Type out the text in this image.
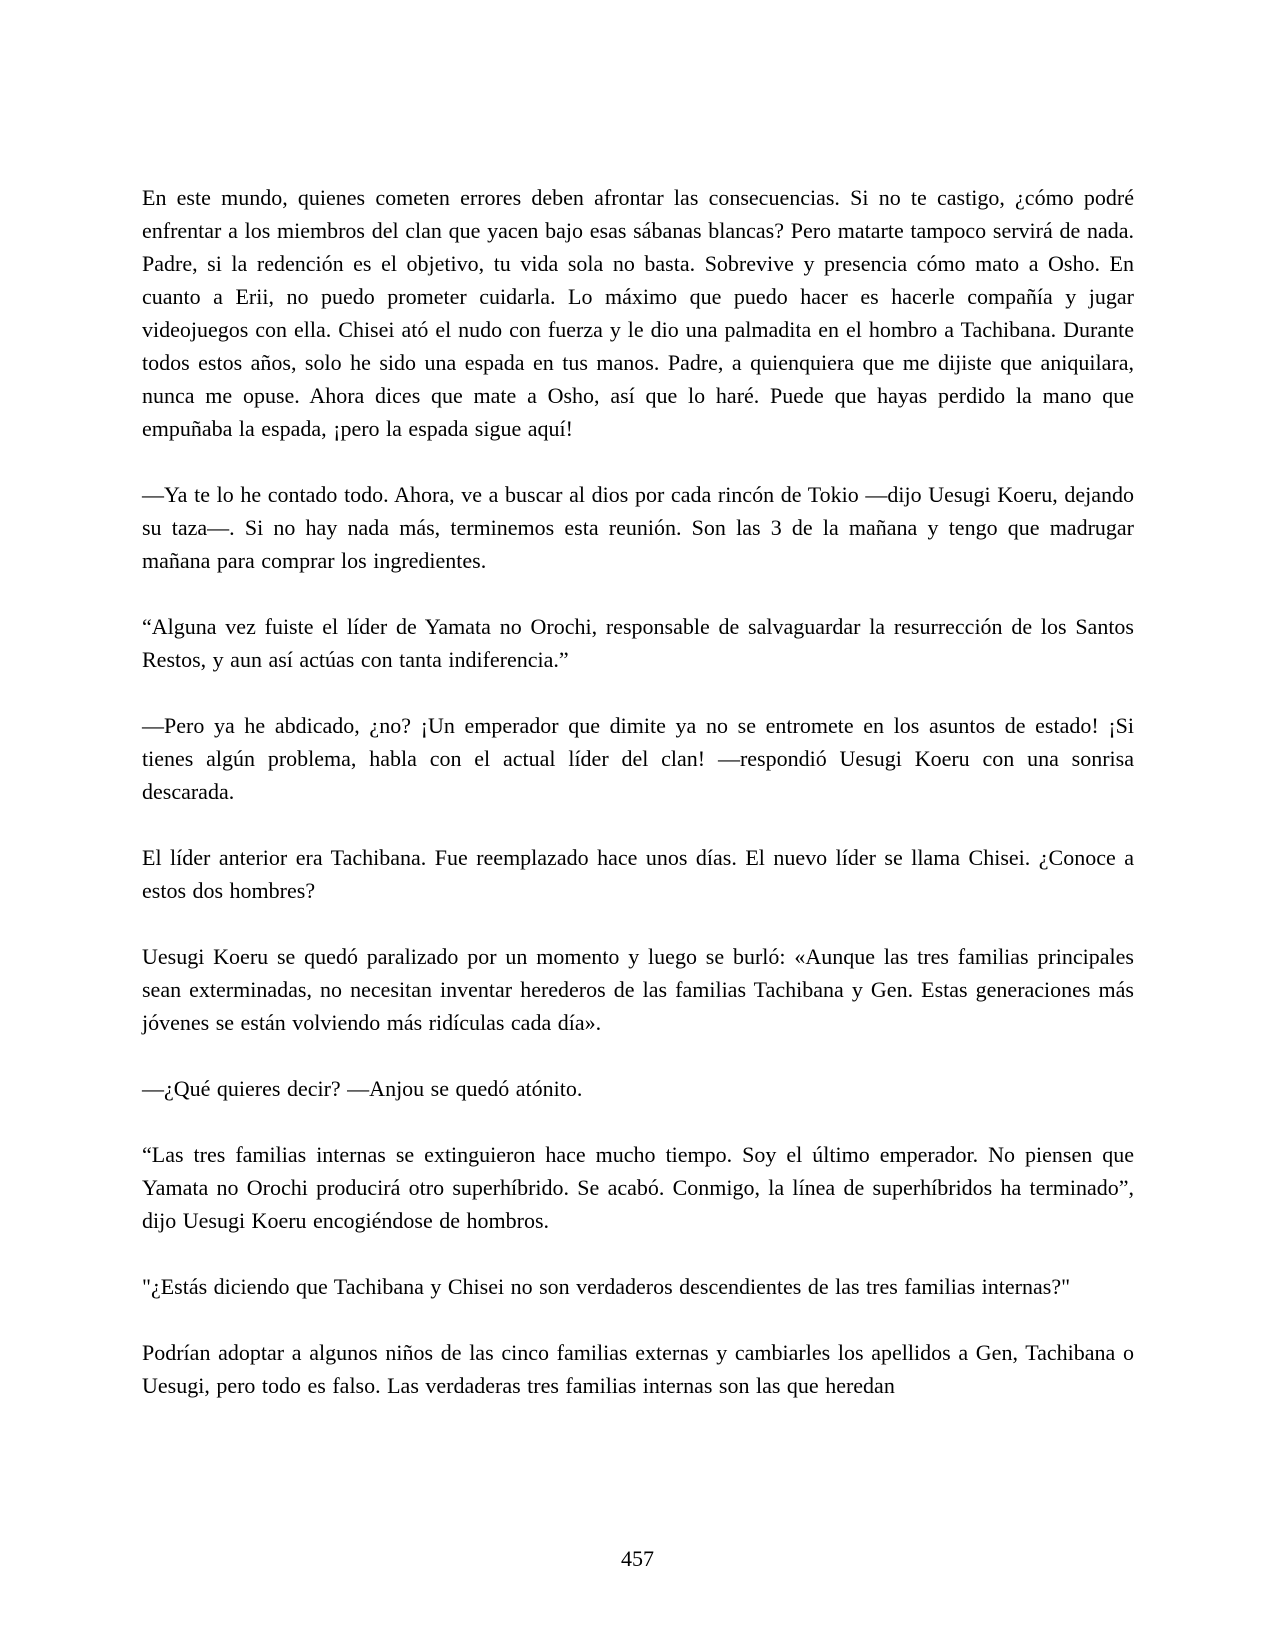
En este mundo, quienes cometen errores deben afrontar las consecuencias. Si no te castigo, ¿cómo podré enfrentar a los miembros del clan que yacen bajo esas sábanas blancas? Pero matarte tampoco servirá de nada. Padre, si la redención es el objetivo, tu vida sola no basta. Sobrevive y presencia cómo mato a Osho. En cuanto a Erii, no puedo prometer cuidarla. Lo máximo que puedo hacer es hacerle compañía y jugar videojuegos con ella. Chisei ató el nudo con fuerza y le dio una palmadita en el hombro a Tachibana. Durante todos estos años, solo he sido una espada en tus manos. Padre, a quienquiera que me dijiste que aniquilara, nunca me opuse. Ahora dices que mate a Osho, así que lo haré. Puede que hayas perdido la mano que empuñaba la espada, ¡pero la espada sigue aquí!

—Ya te lo he contado todo. Ahora, ve a buscar al dios por cada rincón de Tokio —dijo Uesugi Koeru, dejando su taza—. Si no hay nada más, terminemos esta reunión. Son las 3 de la mañana y tengo que madrugar mañana para comprar los ingredientes.

“Alguna vez fuiste el líder de Yamata no Orochi, responsable de salvaguardar la resurrección de los Santos Restos, y aun así actúas con tanta indiferencia.”

—Pero ya he abdicado, ¿no? ¡Un emperador que dimite ya no se entromete en los asuntos de estado! ¡Si tienes algún problema, habla con el actual líder del clan! —respondió Uesugi Koeru con una sonrisa descarada.

El líder anterior era Tachibana. Fue reemplazado hace unos días. El nuevo líder se llama Chisei. ¿Conoce a estos dos hombres?

Uesugi Koeru se quedó paralizado por un momento y luego se burló: «Aunque las tres familias principales sean exterminadas, no necesitan inventar herederos de las familias Tachibana y Gen. Estas generaciones más jóvenes se están volviendo más ridículas cada día».

—¿Qué quieres decir? —Anjou se quedó atónito.

“Las tres familias internas se extinguieron hace mucho tiempo. Soy el último emperador. No piensen que Yamata no Orochi producirá otro superhíbrido. Se acabó. Conmigo, la línea de superhíbridos ha terminado”, dijo Uesugi Koeru encogiéndose de hombros.

"¿Estás diciendo que Tachibana y Chisei no son verdaderos descendientes de las tres familias internas?"

Podrían adoptar a algunos niños de las cinco familias externas y cambiarles los apellidos a Gen, Tachibana o Uesugi, pero todo es falso. Las verdaderas tres familias internas son las que heredan

457
